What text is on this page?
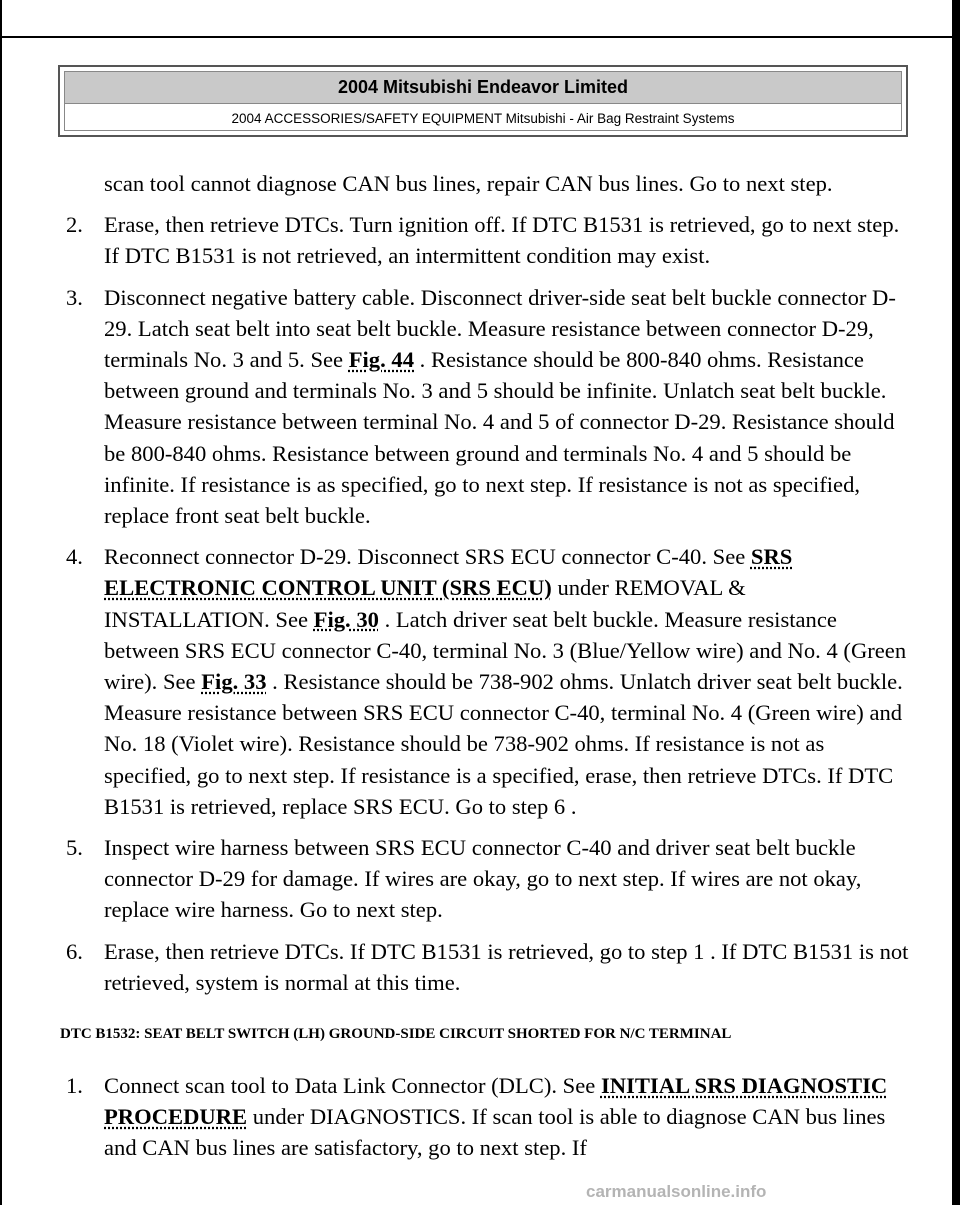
2004 Mitsubishi Endeavor Limited
2004 ACCESSORIES/SAFETY EQUIPMENT Mitsubishi - Air Bag Restraint Systems

scan tool cannot diagnose CAN bus lines, repair CAN bus lines. Go to next step.

2. Erase, then retrieve DTCs. Turn ignition off. If DTC B1531 is retrieved, go to next step. If DTC B1531 is not retrieved, an intermittent condition may exist.
3. Disconnect negative battery cable. Disconnect driver-side seat belt buckle connector D-29. Latch seat belt into seat belt buckle. Measure resistance between connector D-29, terminals No. 3 and 5. See Fig. 44 . Resistance should be 800-840 ohms. Resistance between ground and terminals No. 3 and 5 should be infinite. Unlatch seat belt buckle. Measure resistance between terminal No. 4 and 5 of connector D-29. Resistance should be 800-840 ohms. Resistance between ground and terminals No. 4 and 5 should be infinite. If resistance is as specified, go to next step. If resistance is not as specified, replace front seat belt buckle.
4. Reconnect connector D-29. Disconnect SRS ECU connector C-40. See SRS ELECTRONIC CONTROL UNIT (SRS ECU) under REMOVAL & INSTALLATION. See Fig. 30 . Latch driver seat belt buckle. Measure resistance between SRS ECU connector C-40, terminal No. 3 (Blue/Yellow wire) and No. 4 (Green wire). See Fig. 33 . Resistance should be 738-902 ohms. Unlatch driver seat belt buckle. Measure resistance between SRS ECU connector C-40, terminal No. 4 (Green wire) and No. 18 (Violet wire). Resistance should be 738-902 ohms. If resistance is not as specified, go to next step. If resistance is a specified, erase, then retrieve DTCs. If DTC B1531 is retrieved, replace SRS ECU. Go to step 6 .
5. Inspect wire harness between SRS ECU connector C-40 and driver seat belt buckle connector D-29 for damage. If wires are okay, go to next step. If wires are not okay, replace wire harness. Go to next step.
6. Erase, then retrieve DTCs. If DTC B1531 is retrieved, go to step 1 . If DTC B1531 is not retrieved, system is normal at this time.

DTC B1532: SEAT BELT SWITCH (LH) GROUND-SIDE CIRCUIT SHORTED FOR N/C TERMINAL

1. Connect scan tool to Data Link Connector (DLC). See INITIAL SRS DIAGNOSTIC PROCEDURE under DIAGNOSTICS. If scan tool is able to diagnose CAN bus lines and CAN bus lines are satisfactory, go to next step. If
carmanualsonline.info
